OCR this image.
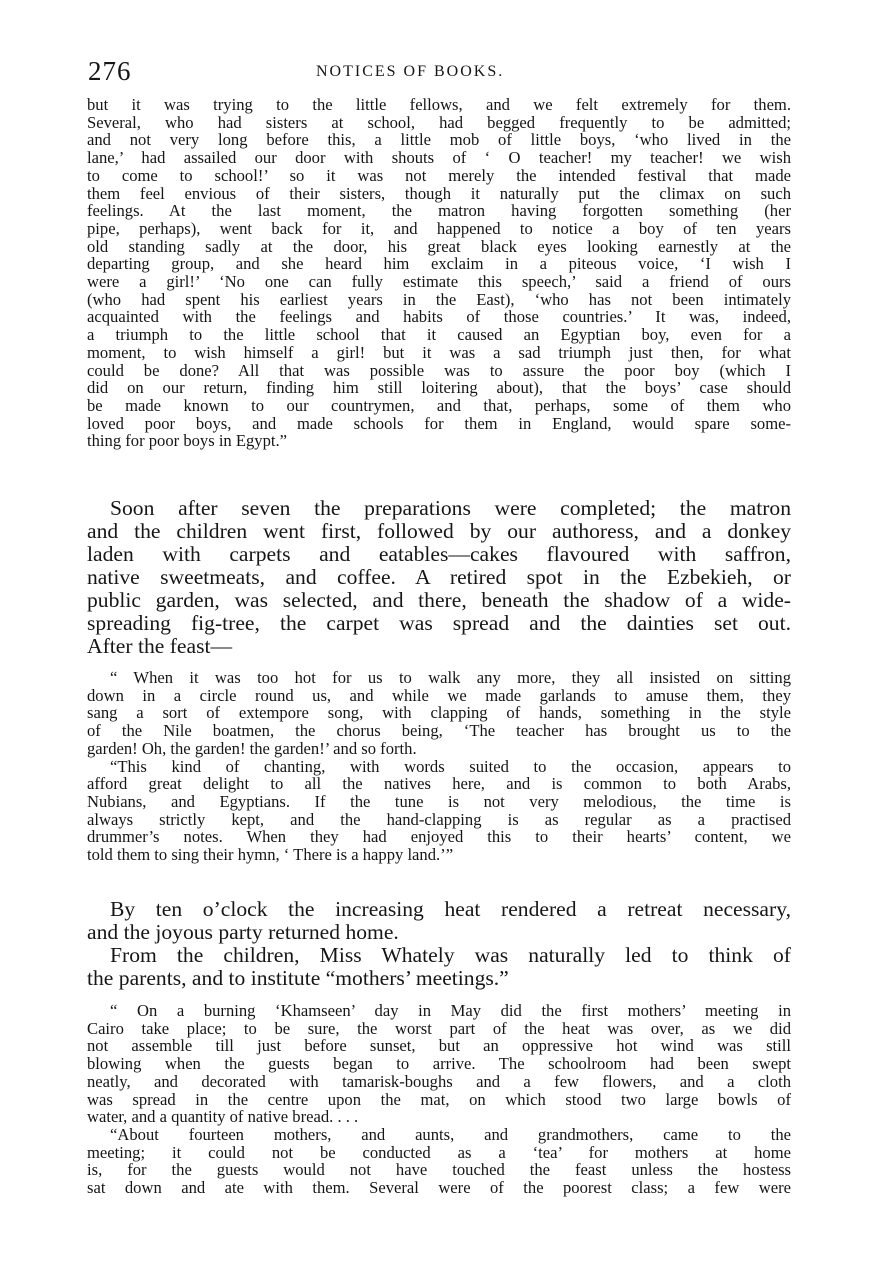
276	NOTICES OF BOOKS.

but it was trying to the little fellows, and we felt extremely for them.
Several, who had sisters at school, had begged frequently to be admitted;
and not very long before this, a little mob of little boys, ‘who lived in the
lane,’ had assailed our door with shouts of ‘ O teacher! my teacher! we wish
to come to school!’ so it was not merely the intended festival that made
them feel envious of their sisters, though it naturally put the climax on such
feelings. At the last moment, the matron having forgotten something (her
pipe, perhaps), went back for it, and happened to notice a boy of ten years
old standing sadly at the door, his great black eyes looking earnestly at the
departing group, and she heard him exclaim in a piteous voice, ‘I wish I
were a girl!’ ‘No one can fully estimate this speech,’ said a friend of ours
(who had spent his earliest years in the East), ‘who has not been intimately
acquainted with the feelings and habits of those countries.’ It was, indeed,
a triumph to the little school that it caused an Egyptian boy, even for a
moment, to wish himself a girl! but it was a sad triumph just then, for what
could be done? All that was possible was to assure the poor boy (which I
did on our return, finding him still loitering about), that the boys’ case should
be made known to our countrymen, and that, perhaps, some of them who
loved poor boys, and made schools for them in England, would spare some-
thing for poor boys in Egypt.”

Soon after seven the preparations were completed; the matron
and the children went first, followed by our authoress, and a donkey
laden with carpets and eatables—cakes flavoured with saffron,
native sweetmeats, and coffee. A retired spot in the Ezbekieh, or
public garden, was selected, and there, beneath the shadow of a wide-
spreading fig-tree, the carpet was spread and the dainties set out.
After the feast—

“ When it was too hot for us to walk any more, they all insisted on sitting
down in a circle round us, and while we made garlands to amuse them, they
sang a sort of extempore song, with clapping of hands, something in the style
of the Nile boatmen, the chorus being, ‘The teacher has brought us to the
garden! Oh, the garden! the garden!’ and so forth.

“This kind of chanting, with words suited to the occasion, appears to
afford great delight to all the natives here, and is common to both Arabs,
Nubians, and Egyptians. If the tune is not very melodious, the time is
always strictly kept, and the hand-clapping is as regular as a practised
drummer’s notes. When they had enjoyed this to their hearts’ content, we
told them to sing their hymn, ‘ There is a happy land.’”

By ten o’clock the increasing heat rendered a retreat necessary,
and the joyous party returned home.

From the children, Miss Whately was naturally led to think of
the parents, and to institute “mothers’ meetings.”

“ On a burning ‘Khamseen’ day in May did the first mothers’ meeting in
Cairo take place; to be sure, the worst part of the heat was over, as we did
not assemble till just before sunset, but an oppressive hot wind was still
blowing when the guests began to arrive. The schoolroom had been swept
neatly, and decorated with tamarisk-boughs and a few flowers, and a cloth
was spread in the centre upon the mat, on which stood two large bowls of
water, and a quantity of native bread. . . .

“About fourteen mothers, and aunts, and grandmothers, came to the
meeting; it could not be conducted as a ‘tea’ for mothers at home
is, for the guests would not have touched the feast unless the hostess
sat down and ate with them. Several were of the poorest class; a few were
